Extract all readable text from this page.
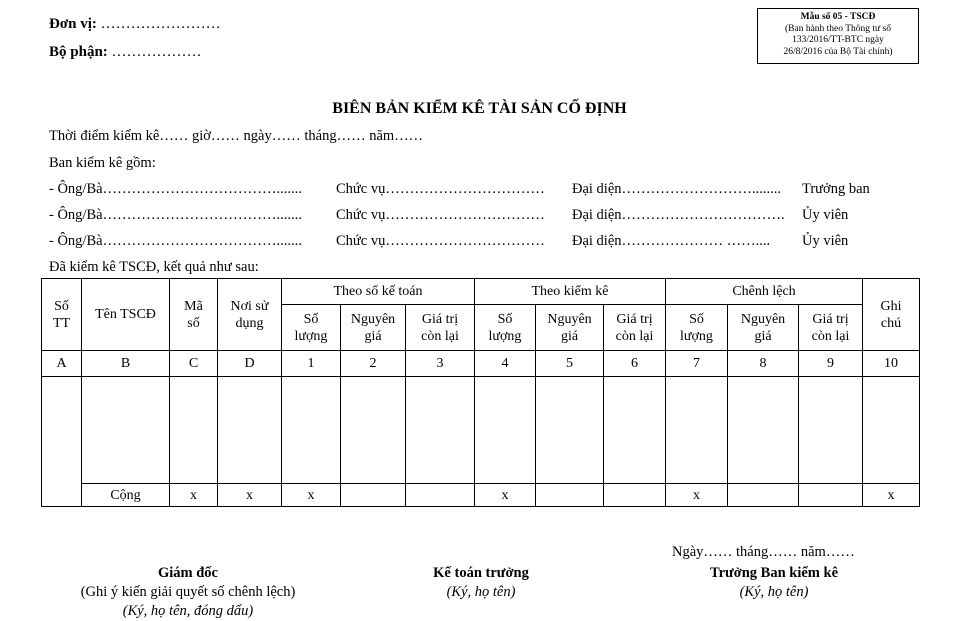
Đơn vị: ……………………
Bộ phận: ………………
Mẫu số 05 - TSCĐ
(Ban hành theo Thông tư số
133/2016/TT-BTC ngày
26/8/2016 của Bộ Tài chính)
BIÊN BẢN KIỂM KÊ TÀI SẢN CỐ ĐỊNH
Thời điểm kiểm kê…… giờ…… ngày…… tháng…… năm……
Ban kiểm kê gồm:
- Ông/Bà………………………………....... Chức vụ…………………………… Đại diện………………………........ Trưởng ban
- Ông/Bà………………………………....... Chức vụ…………………………… Đại diện……………………………. Ủy viên
- Ông/Bà………………………………....... Chức vụ…………………………… Đại diện………………… …….... Ủy viên
Đã kiểm kê TSCĐ, kết quả như sau:
Số TT	Tên TSCĐ	Mã số	Nơi sử dụng	Theo sổ kế toán			Theo kiểm kê			Chênh lệch			Ghi chú
				Số lượng	Nguyên giá	Giá trị còn lại	Số lượng	Nguyên giá	Giá trị còn lại	Số lượng	Nguyên giá	Giá trị còn lại	
A	B	C	D	1	2	3	4	5	6	7	8	9	10

	Cộng	x	x	x			x			x			x
Ngày…… tháng…… năm……
Giám đốc
(Ghi ý kiến giải quyết số chênh lệch)
(Ký, họ tên, đóng dấu)
Kế toán trưởng
(Ký, họ tên)
Trưởng Ban kiểm kê
(Ký, họ tên)
